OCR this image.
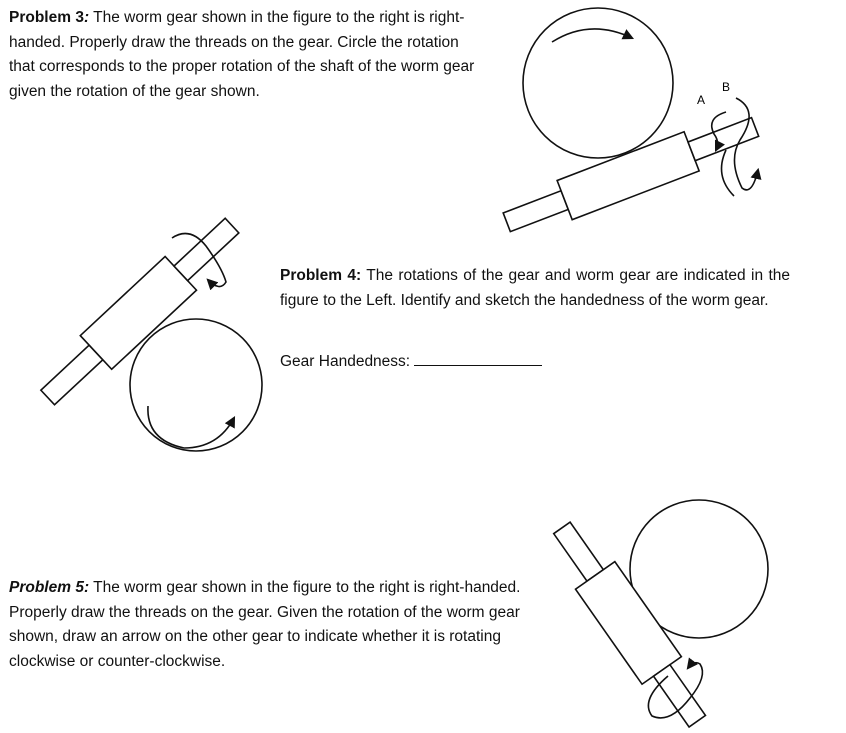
Problem 3: The worm gear shown in the figure to the right is right-handed. Properly draw the threads on the gear. Circle the rotation that corresponds to the proper rotation of the shaft of the worm gear given the rotation of the gear shown.

Problem 4: The rotations of the gear and worm gear are indicated in the figure to the Left. Identify and sketch the handedness of the worm gear.

Gear Handedness:

Problem 5: The worm gear shown in the figure to the right is right-handed. Properly draw the threads on the gear. Given the rotation of the worm gear shown, draw an arrow on the other gear to indicate whether it is rotating clockwise or counter-clockwise.

A
B
